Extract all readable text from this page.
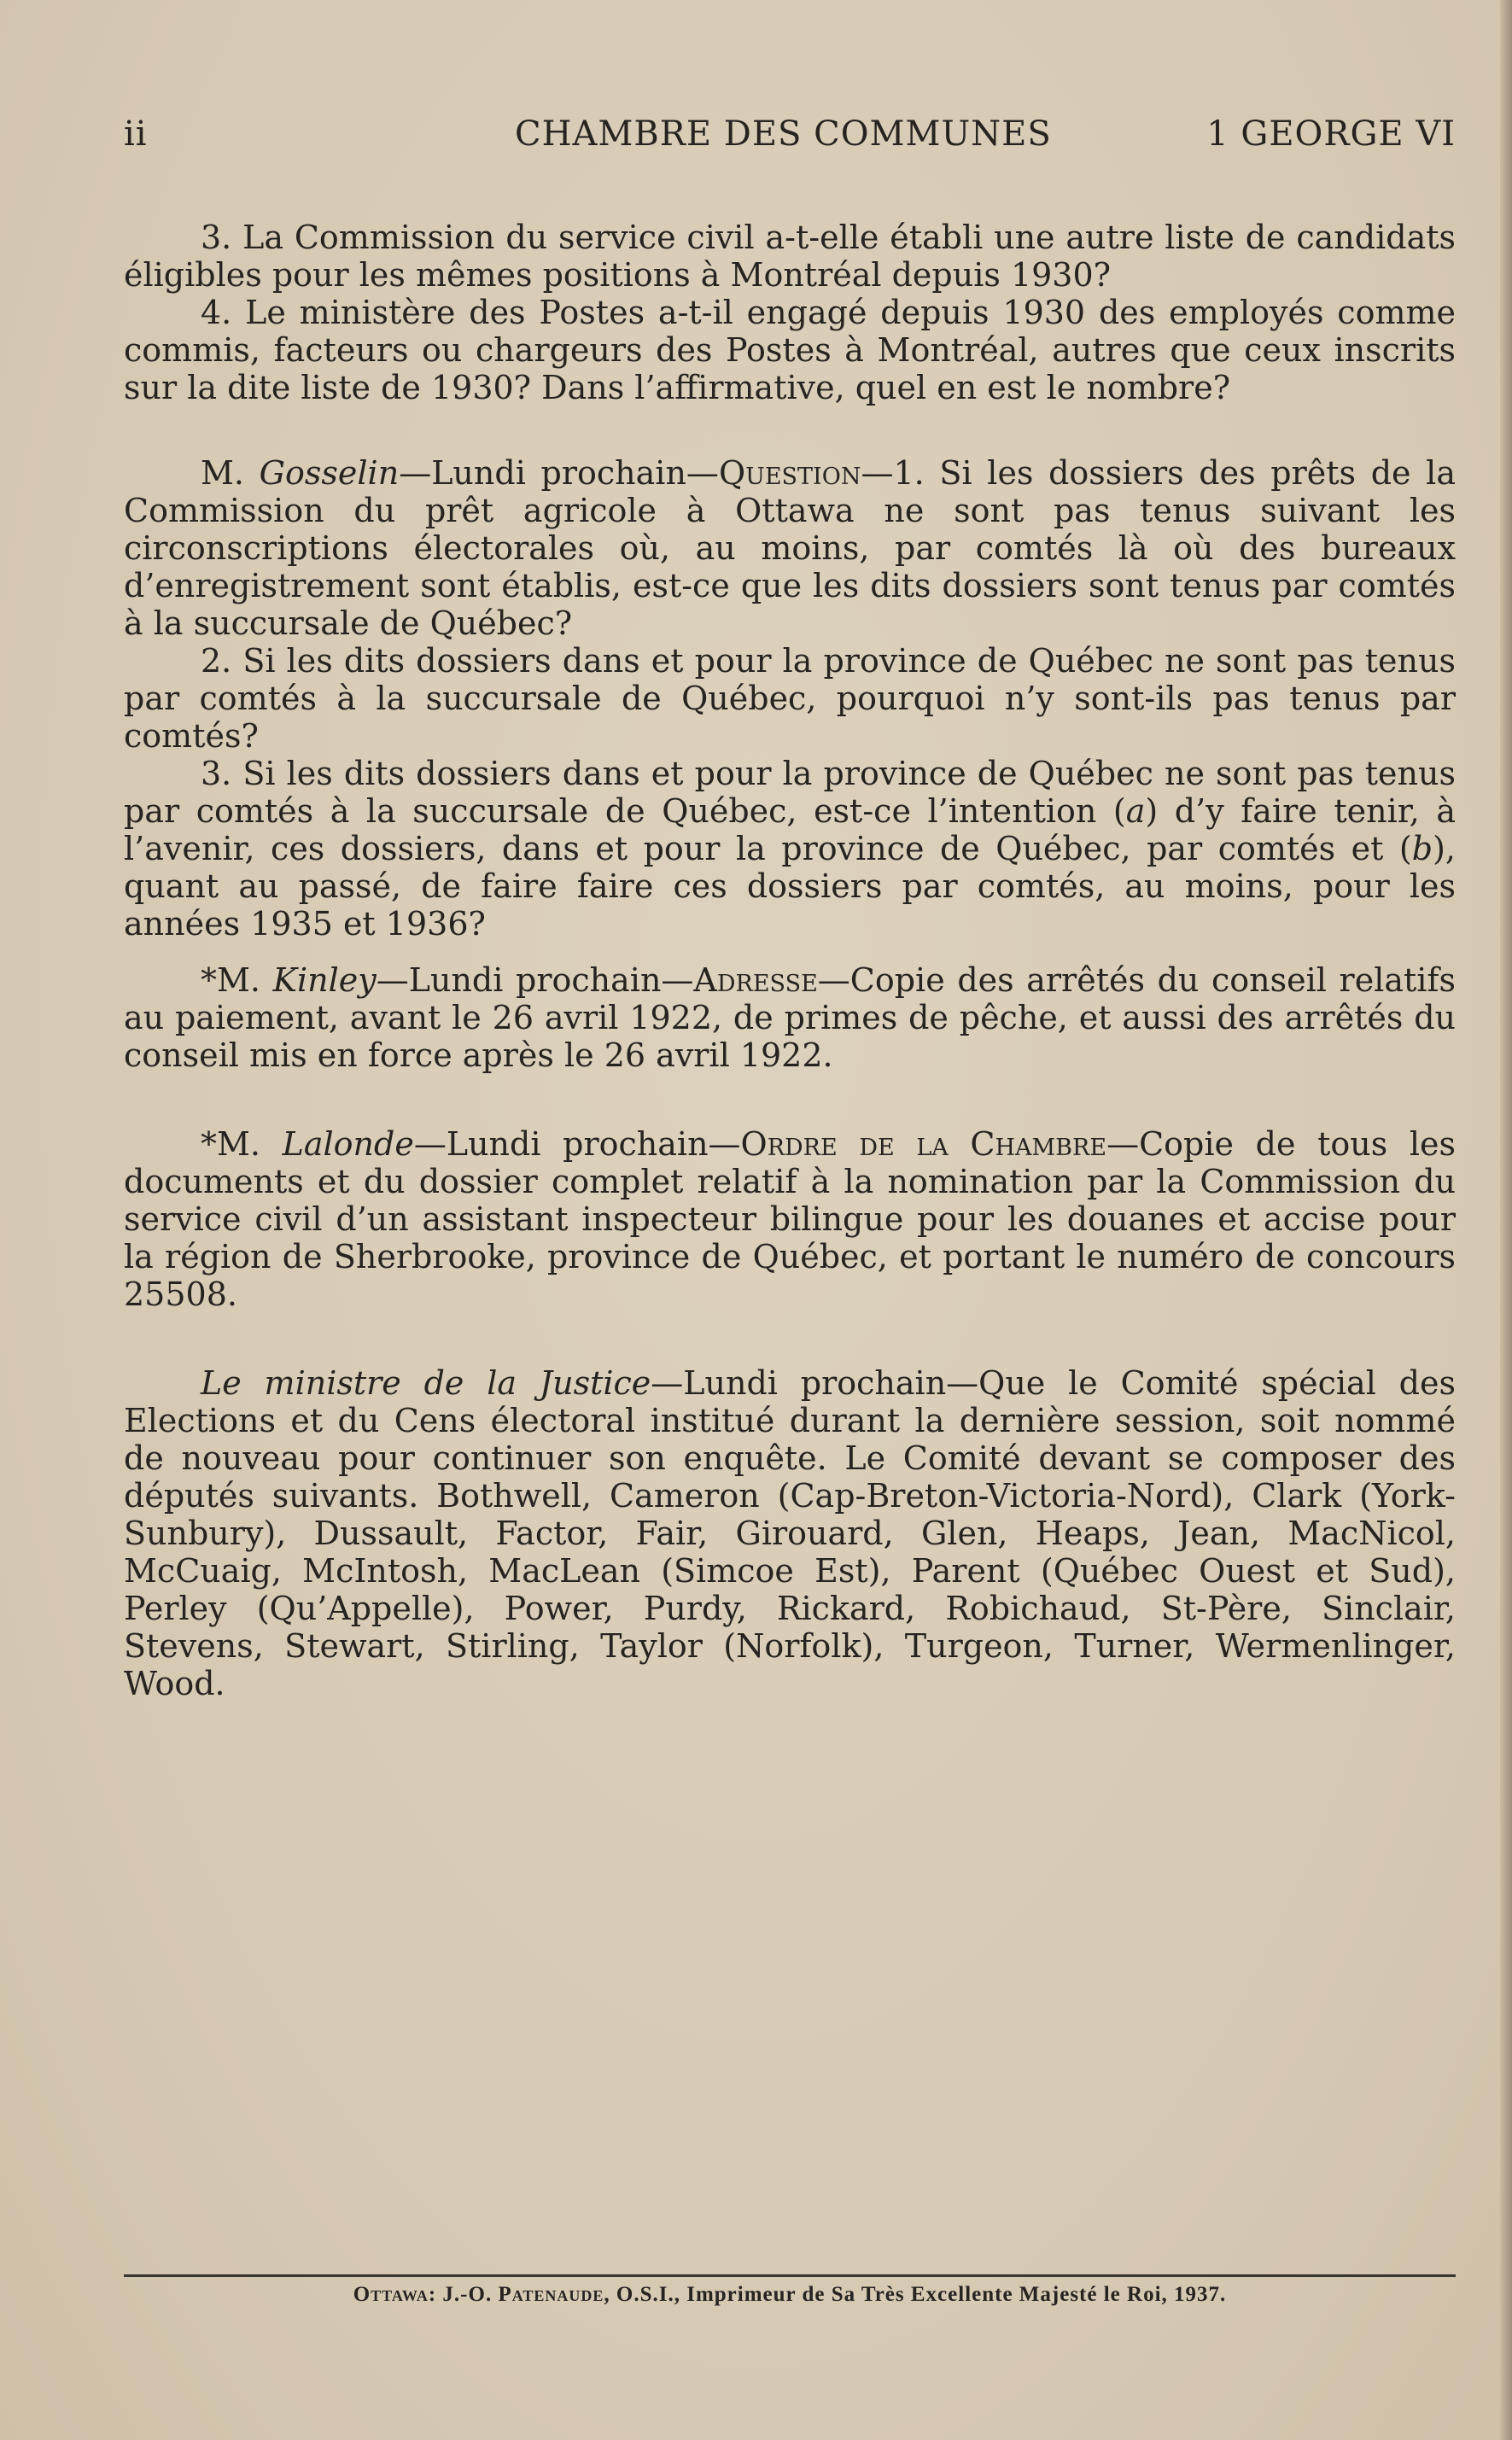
ii	CHAMBRE DES COMMUNES	1 GEORGE VI

3. La Commission du service civil a-t-elle établi une autre liste de candidats éligibles pour les mêmes positions à Montréal depuis 1930?

4. Le ministère des Postes a-t-il engagé depuis 1930 des employés comme commis, facteurs ou chargeurs des Postes à Montréal, autres que ceux inscrits sur la dite liste de 1930? Dans l’affirmative, quel en est le nombre?

M. Gosselin—Lundi prochain—Question—1. Si les dossiers des prêts de la Commission du prêt agricole à Ottawa ne sont pas tenus suivant les circonscriptions électorales où, au moins, par comtés là où des bureaux d’enregistrement sont établis, est-ce que les dits dossiers sont tenus par comtés à la succursale de Québec?

2. Si les dits dossiers dans et pour la province de Québec ne sont pas tenus par comtés à la succursale de Québec, pourquoi n’y sont-ils pas tenus par comtés?

3. Si les dits dossiers dans et pour la province de Québec ne sont pas tenus par comtés à la succursale de Québec, est-ce l’intention (a) d’y faire tenir, à l’avenir, ces dossiers, dans et pour la province de Québec, par comtés et (b), quant au passé, de faire faire ces dossiers par comtés, au moins, pour les années 1935 et 1936?

*M. Kinley—Lundi prochain—Adresse—Copie des arrêtés du conseil relatifs au paiement, avant le 26 avril 1922, de primes de pêche, et aussi des arrêtés du conseil mis en force après le 26 avril 1922.

*M. Lalonde—Lundi prochain—Ordre de la Chambre—Copie de tous les documents et du dossier complet relatif à la nomination par la Commission du service civil d’un assistant inspecteur bilingue pour les douanes et accise pour la région de Sherbrooke, province de Québec, et portant le numéro de concours 25508.

Le ministre de la Justice—Lundi prochain—Que le Comité spécial des Elections et du Cens électoral institué durant la dernière session, soit nommé de nouveau pour continuer son enquête. Le Comité devant se composer des députés suivants. Bothwell, Cameron (Cap-Breton-Victoria-Nord), Clark (York-Sunbury), Dussault, Factor, Fair, Girouard, Glen, Heaps, Jean, MacNicol, McCuaig, McIntosh, MacLean (Simcoe Est), Parent (Québec Ouest et Sud), Perley (Qu’Appelle), Power, Purdy, Rickard, Robichaud, St-Père, Sinclair, Stevens, Stewart, Stirling, Taylor (Norfolk), Turgeon, Turner, Wermenlinger, Wood.

Ottawa: J.-O. Patenaude, O.S.I., Imprimeur de Sa Très Excellente Majesté le Roi, 1937.
